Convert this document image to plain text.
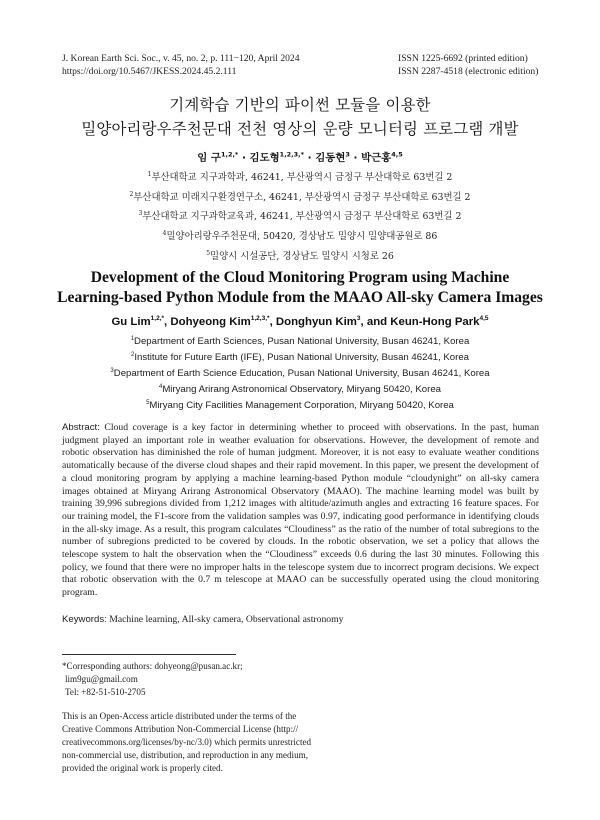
J. Korean Earth Sci. Soc., v. 45, no. 2, p. 111−120, April 2024
https://doi.org/10.5467/JKESS.2024.45.2.111
ISSN 1225-6692 (printed edition)
ISSN 2287-4518 (electronic edition)
기계학습 기반의 파이썬 모듈을 이용한
밀양아리랑우주천문대 전천 영상의 운량 모니터링 프로그램 개발
임 구$^{1,2,*}$ · 김도형$^{1,2,3,*}$ · 김동현$^3$ · 박근홍$^{4,5}$
$^1$부산대학교 지구과학과, 46241, 부산광역시 금정구 부산대학로 63번길 2
$^2$부산대학교 미래지구환경연구소, 46241, 부산광역시 금정구 부산대학로 63번길 2
$^3$부산대학교 지구과학교육과, 46241, 부산광역시 금정구 부산대학로 63번길 2
$^4$밀양아리랑우주천문대, 50420, 경상남도 밀양시 밀양대공원로 86
$^5$밀양시 시설공단, 경상남도 밀양시 시청로 26
Development of the Cloud Monitoring Program using Machine
Learning-based Python Module from the MAAO All-sky Camera Images
Gu Lim$^{1,2,*}$, Dohyeong Kim$^{1,2,3,*}$, Donghyun Kim$^3$, and Keun-Hong Park$^{4,5}$
$^1$Department of Earth Sciences, Pusan National University, Busan 46241, Korea
$^2$Institute for Future Earth (IFE), Pusan National University, Busan 46241, Korea
$^3$Department of Earth Science Education, Pusan National University, Busan 46241, Korea
$^4$Miryang Arirang Astronomical Observatory, Miryang 50420, Korea
$^5$Miryang City Facilities Management Corporation, Miryang 50420, Korea

Abstract: Cloud coverage is a key factor in determining whether to proceed with observations. In the past, human judgment played an important role in weather evaluation for observations. However, the development of remote and robotic observation has diminished the role of human judgment. Moreover, it is not easy to evaluate weather conditions automatically because of the diverse cloud shapes and their rapid movement. In this paper, we present the development of a cloud monitoring program by applying a machine learning-based Python module “cloudynight” on all-sky camera images obtained at Miryang Arirang Astronomical Observatory (MAAO). The machine learning model was built by training 39,996 subregions divided from 1,212 images with altitude/azimuth angles and extracting 16 feature spaces. For our training model, the F1-score from the validation samples was 0.97, indicating good performance in identifying clouds in the all-sky image. As a result, this program calculates “Cloudiness” as the ratio of the number of total subregions to the number of subregions predicted to be covered by clouds. In the robotic observation, we set a policy that allows the telescope system to halt the observation when the “Cloudiness” exceeds 0.6 during the last 30 minutes. Following this policy, we found that there were no improper halts in the telescope system due to incorrect program decisions. We expect that robotic observation with the 0.7 m telescope at MAAO can be successfully operated using the cloud monitoring program.

Keywords: Machine learning, All-sky camera, Observational astronomy
*Corresponding authors: dohyeong@pusan.ac.kr;
lim9gu@gmail.com
Tel: +82-51-510-2705
This is an Open-Access article distributed under the terms of the
Creative Commons Attribution Non-Commercial License (http://
creativecommons.org/licenses/by-nc/3.0) which permits unrestricted
non-commercial use, distribution, and reproduction in any medium,
provided the original work is properly cited.
